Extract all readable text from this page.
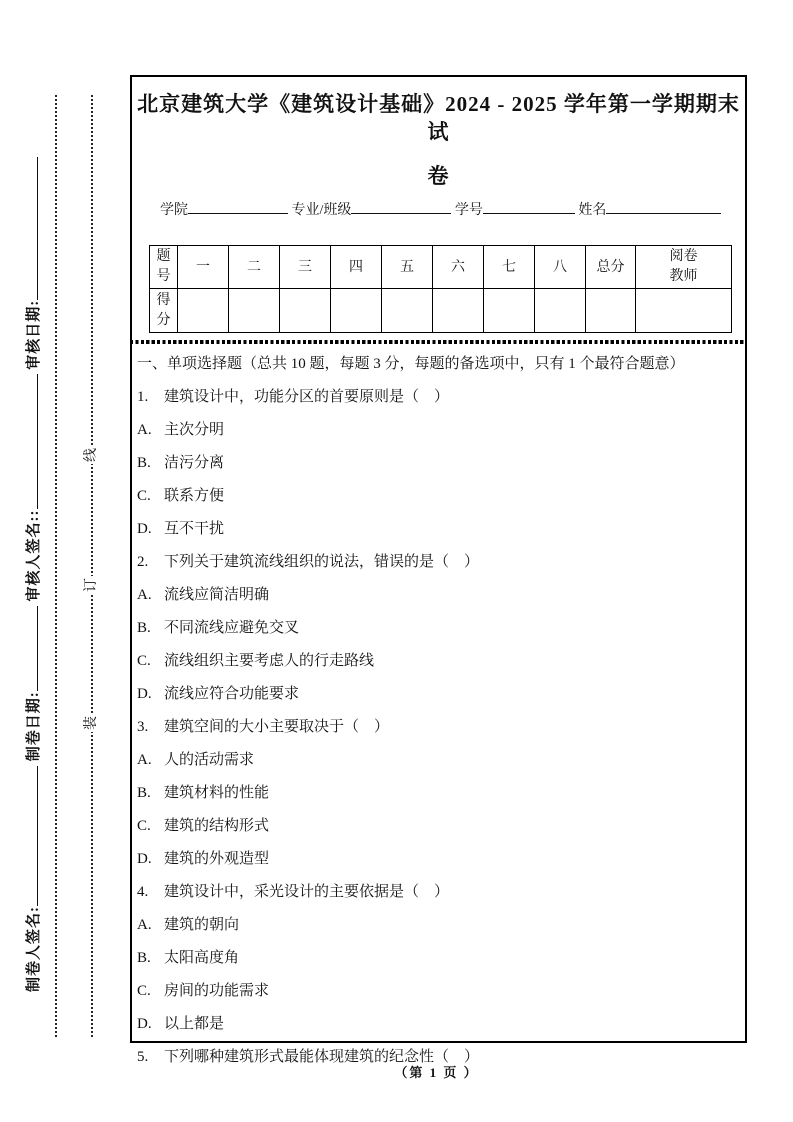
线
订
装
制卷人签名: 制卷日期: 审核人签名:: 审核日期:
北京建筑大学《建筑设计基础》2024 - 2025 学年第一学期期末试
卷
学院	专业/班级	学号	姓名
题号	一	二	三	四	五	六	七	八	总分	阅卷教师
得分										
一、单项选择题（总共 10 题，每题 3 分，每题的备选项中，只有 1 个最符合题意）
1. 建筑设计中，功能分区的首要原则是（　）
A. 主次分明
B. 洁污分离
C. 联系方便
D. 互不干扰
2. 下列关于建筑流线组织的说法，错误的是（　）
A. 流线应简洁明确
B. 不同流线应避免交叉
C. 流线组织主要考虑人的行走路线
D. 流线应符合功能要求
3. 建筑空间的大小主要取决于（　）
A. 人的活动需求
B. 建筑材料的性能
C. 建筑的结构形式
D. 建筑的外观造型
4. 建筑设计中，采光设计的主要依据是（　）
A. 建筑的朝向
B. 太阳高度角
C. 房间的功能需求
D. 以上都是
5. 下列哪种建筑形式最能体现建筑的纪念性（　）
（第 1 页 ）
